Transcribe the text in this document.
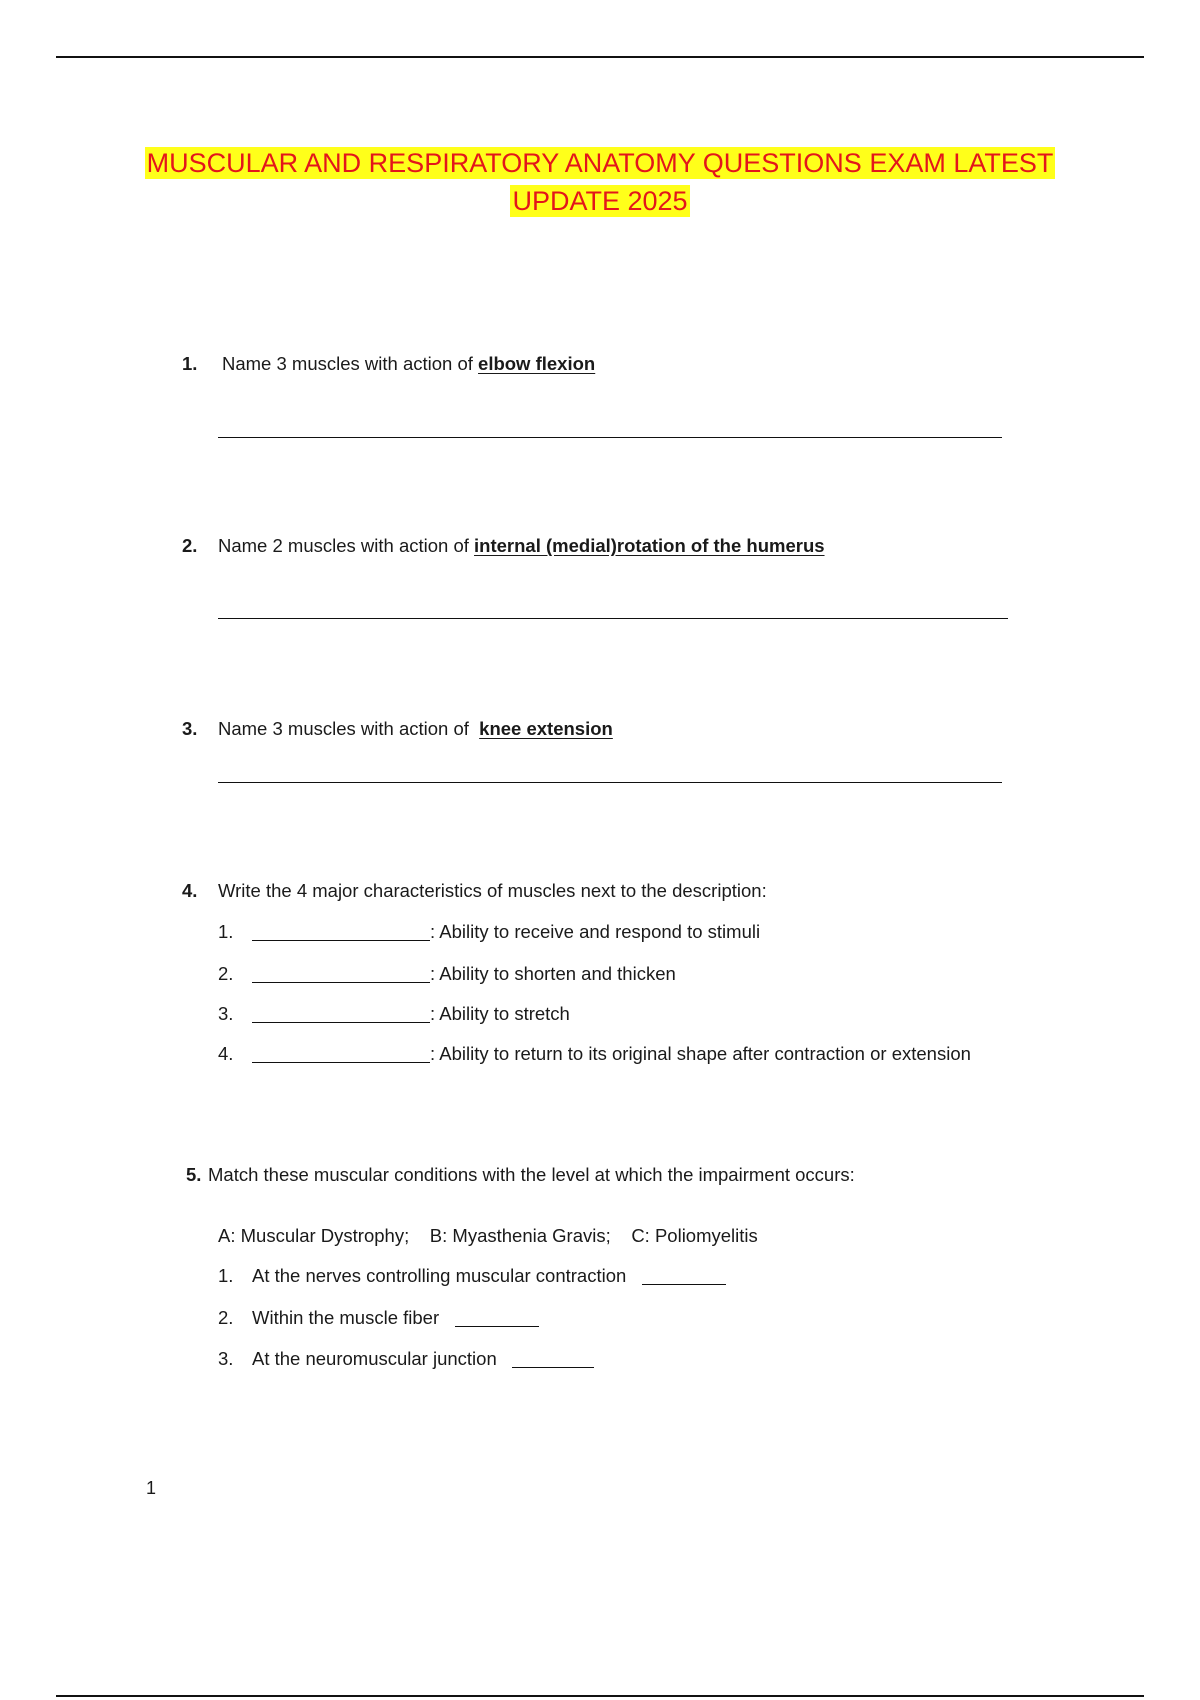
MUSCULAR AND RESPIRATORY ANATOMY QUESTIONS EXAM LATEST
UPDATE 2025
1. Name 3 muscles with action of elbow flexion
2. Name 2 muscles with action of internal (medial)rotation of the humerus
3. Name 3 muscles with action of knee extension
4. Write the 4 major characteristics of muscles next to the description:
1.	: Ability to receive and respond to stimuli
2.	: Ability to shorten and thicken
3.	: Ability to stretch
4.	: Ability to return to its original shape after contraction or extension
5. Match these muscular conditions with the level at which the impairment occurs:
A: Muscular Dystrophy; B: Myasthenia Gravis; C: Poliomyelitis
1. At the nerves controlling muscular contraction
2. Within the muscle fiber
3. At the neuromuscular junction
1
